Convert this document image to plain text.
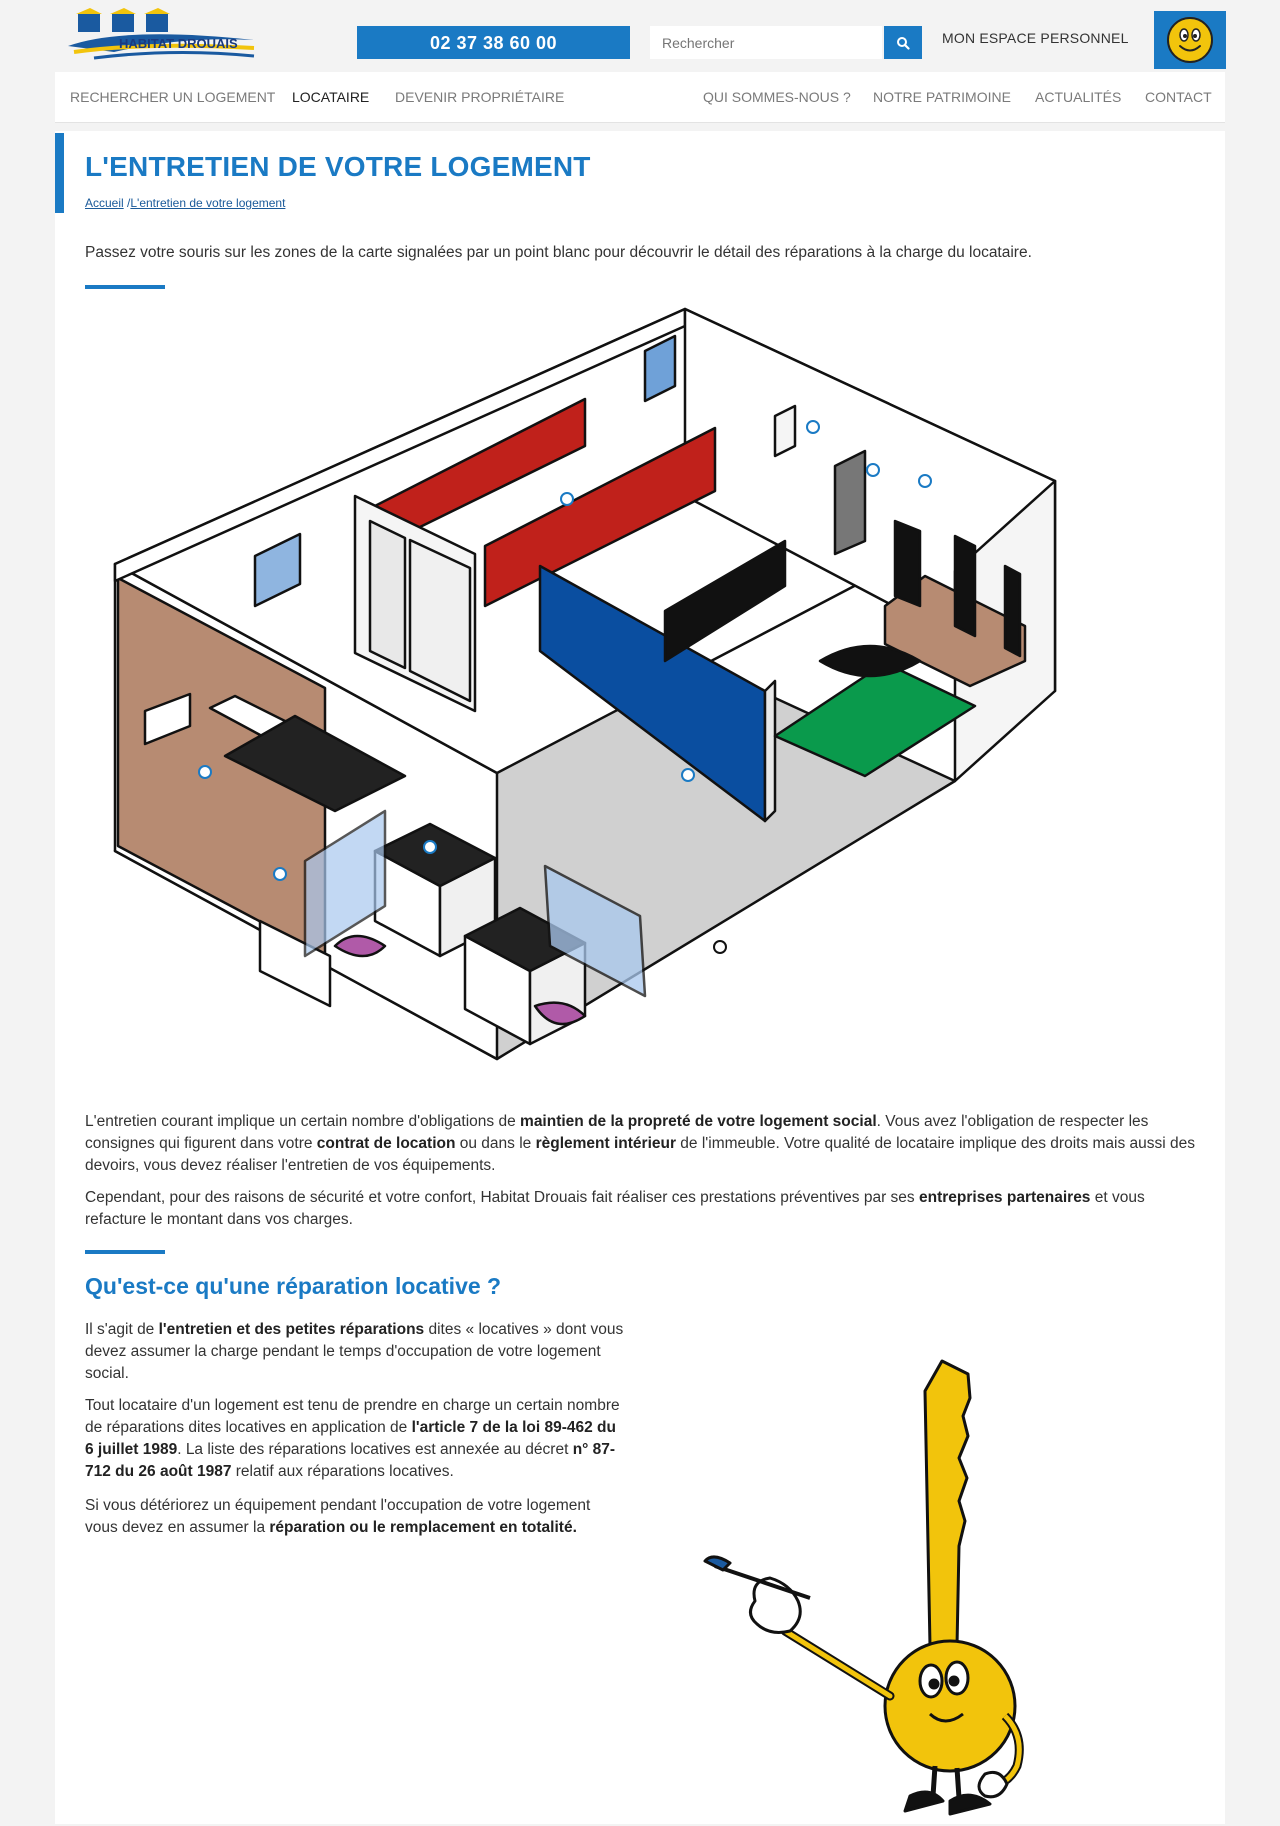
HABITAT DROUAIS	02 37 38 60 00
Rechercher	MON ESPACE PERSONNEL
RECHERCHER UN LOGEMENT LOCATAIRE DEVENIR PROPRIÉTAIRE	QUI SOMMES-NOUS ? NOTRE PATRIMOINE ACTUALITÉS CONTACT
L'ENTRETIEN DE VOTRE LOGEMENT
Accueil /L'entretien de votre logement

Passez votre souris sur les zones de la carte signalées par un point blanc pour découvrir le détail des réparations à la charge du locataire.

L'entretien courant implique un certain nombre d'obligations de maintien de la propreté de votre logement social. Vous avez l'obligation de respecter les consignes qui figurent dans votre contrat de location ou dans le règlement intérieur de l'immeuble. Votre qualité de locataire implique des droits mais aussi des devoirs, vous devez réaliser l'entretien de vos équipements.

Cependant, pour des raisons de sécurité et votre confort, Habitat Drouais fait réaliser ces prestations préventives par ses entreprises partenaires et vous refacture le montant dans vos charges.

Qu'est-ce qu'une réparation locative ?

Il s'agit de l'entretien et des petites réparations dites « locatives » dont vous devez assumer la charge pendant le temps d'occupation de votre logement social.

Tout locataire d'un logement est tenu de prendre en charge un certain nombre de réparations dites locatives en application de l'article 7 de la loi 89-462 du 6 juillet 1989. La liste des réparations locatives est annexée au décret n° 87-712 du 26 août 1987 relatif aux réparations locatives.

Si vous détériorez un équipement pendant l'occupation de votre logement vous devez en assumer la réparation ou le remplacement en totalité.
